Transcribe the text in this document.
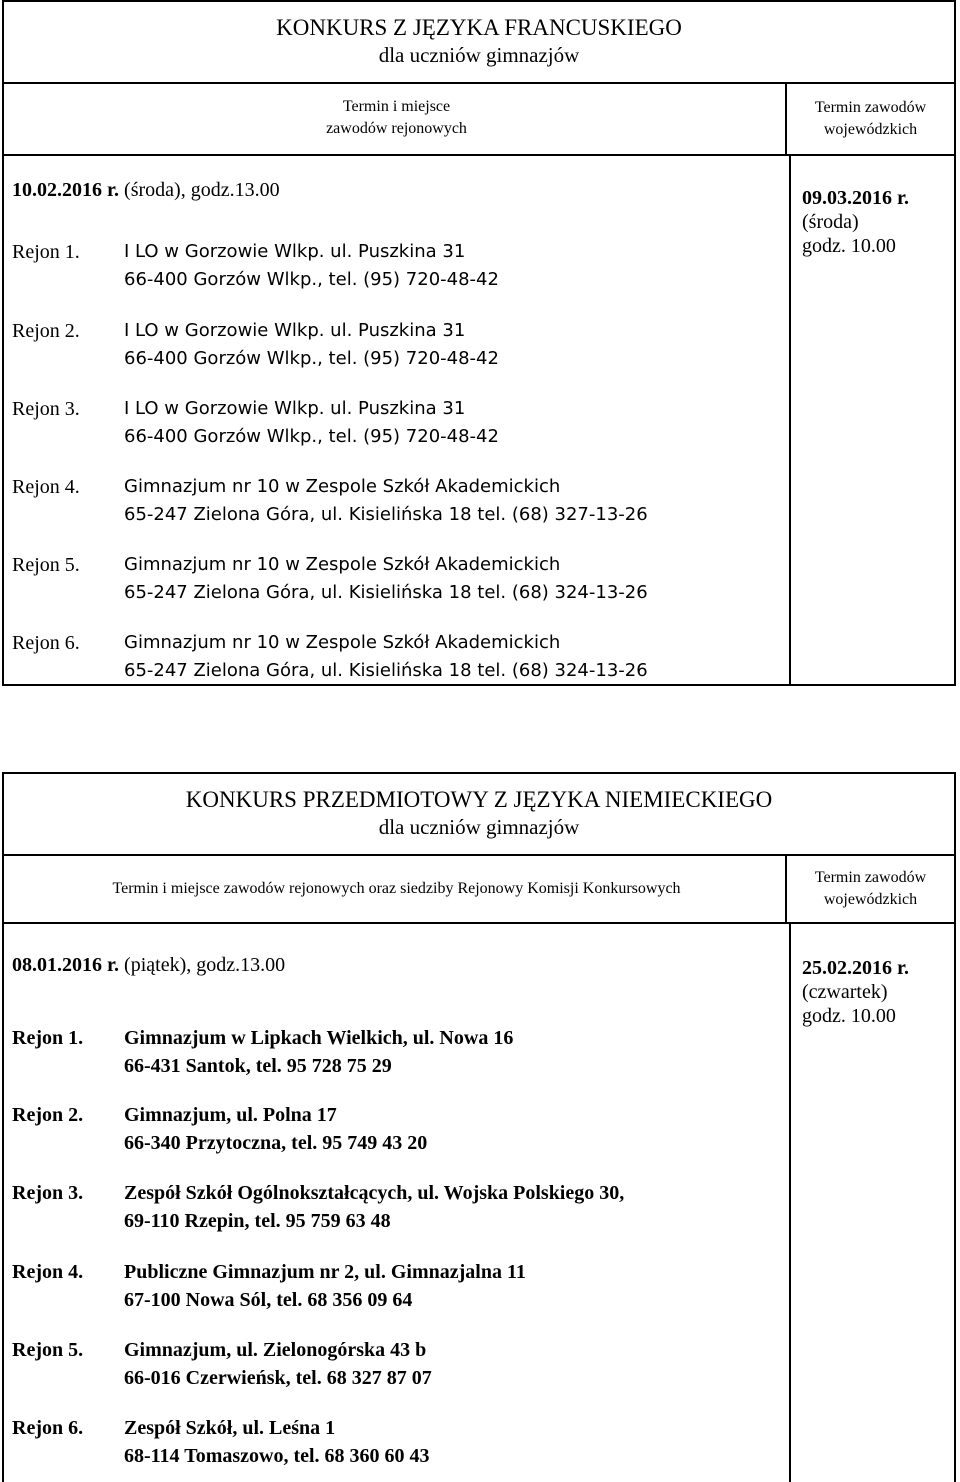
KONKURS Z JĘZYKA FRANCUSKIEGO
dla uczniów gimnazjów
Termin i miejsce
zawodów rejonowych
Termin zawodów
wojewódzkich
10.02.2016 r. (środa), godz.13.00
Rejon 1. I LO w Gorzowie Wlkp. ul. Puszkina 31
66-400 Gorzów Wlkp., tel. (95) 720-48-42
Rejon 2. I LO w Gorzowie Wlkp. ul. Puszkina 31
66-400 Gorzów Wlkp., tel. (95) 720-48-42
Rejon 3. I LO w Gorzowie Wlkp. ul. Puszkina 31
66-400 Gorzów Wlkp., tel. (95) 720-48-42
Rejon 4. Gimnazjum nr 10 w Zespole Szkół Akademickich
65-247 Zielona Góra, ul. Kisielińska 18 tel. (68) 327-13-26
Rejon 5. Gimnazjum nr 10 w Zespole Szkół Akademickich
65-247 Zielona Góra, ul. Kisielińska 18 tel. (68) 324-13-26
Rejon 6. Gimnazjum nr 10 w Zespole Szkół Akademickich
65-247 Zielona Góra, ul. Kisielińska 18 tel. (68) 324-13-26
09.03.2016 r.
(środa)
godz. 10.00
KONKURS PRZEDMIOTOWY Z JĘZYKA NIEMIECKIEGO
dla uczniów gimnazjów
Termin i miejsce zawodów rejonowych oraz siedziby Rejonowy Komisji Konkursowych
Termin zawodów
wojewódzkich
08.01.2016 r. (piątek), godz.13.00
Rejon 1. Gimnazjum w Lipkach Wielkich, ul. Nowa 16
66-431 Santok, tel. 95 728 75 29
Rejon 2. Gimnazjum, ul. Polna 17
66-340 Przytoczna, tel. 95 749 43 20
Rejon 3. Zespół Szkół Ogólnokształcących, ul. Wojska Polskiego 30,
69-110 Rzepin, tel. 95 759 63 48
Rejon 4. Publiczne Gimnazjum nr 2, ul. Gimnazjalna 11
67-100 Nowa Sól, tel. 68 356 09 64
Rejon 5. Gimnazjum, ul. Zielonogórska 43 b
66-016 Czerwieńsk, tel. 68 327 87 07
Rejon 6. Zespół Szkół, ul. Leśna 1
68-114 Tomaszowo, tel. 68 360 60 43
25.02.2016 r.
(czwartek)
godz. 10.00
